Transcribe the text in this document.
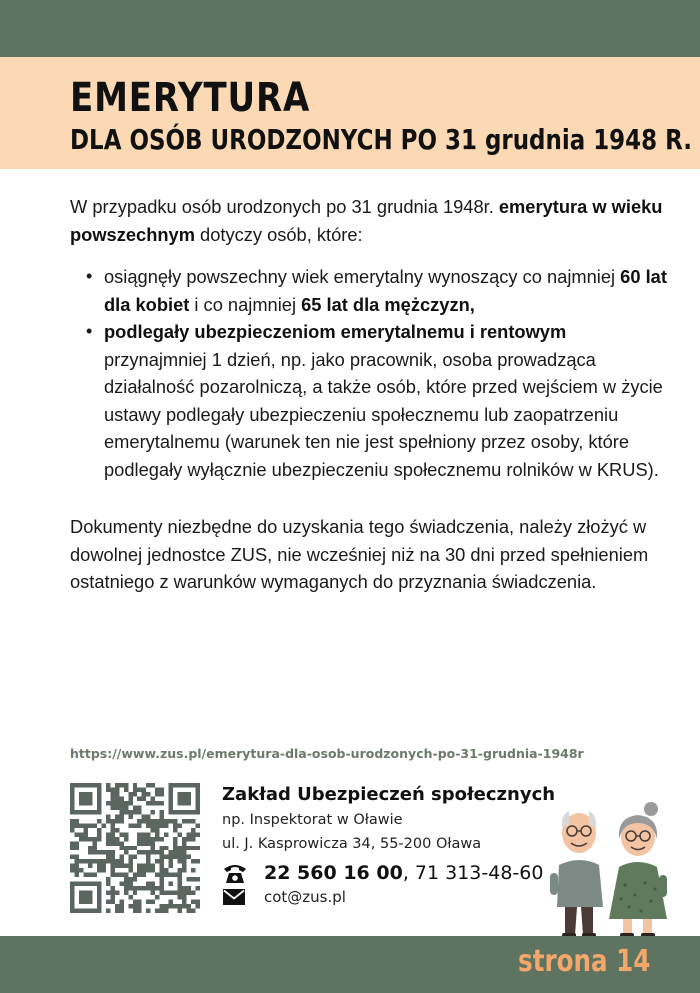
EMERYTURA
DLA OSÓB URODZONYCH PO 31 grudnia 1948 R.

W przypadku osób urodzonych po 31 grudnia 1948r. emerytura w wieku powszechnym dotyczy osób, które:

• osiągnęły powszechny wiek emerytalny wynoszący co najmniej 60 lat dla kobiet i co najmniej 65 lat dla mężczyzn,
• podlegały ubezpieczeniom emerytalnemu i rentowym przynajmniej 1 dzień, np. jako pracownik, osoba prowadząca działalność pozarolniczą, a także osób, które przed wejściem w życie ustawy podlegały ubezpieczeniu społecznemu lub zaopatrzeniu emerytalnemu (warunek ten nie jest spełniony przez osoby, które podlegały wyłącznie ubezpieczeniu społecznemu rolników w KRUS).

Dokumenty niezbędne do uzyskania tego świadczenia, należy złożyć w dowolnej jednostce ZUS, nie wcześniej niż na 30 dni przed spełnieniem ostatniego z warunków wymaganych do przyznania świadczenia.

https://www.zus.pl/emerytura-dla-osob-urodzonych-po-31-grudnia-1948r
Zakład Ubezpieczeń społecznych
np. Inspektorat w Oławie
ul. J. Kasprowicza 34, 55-200 Oława
22 560 16 00 , 71 313-48-60
cot@zus.pl
strona 14
